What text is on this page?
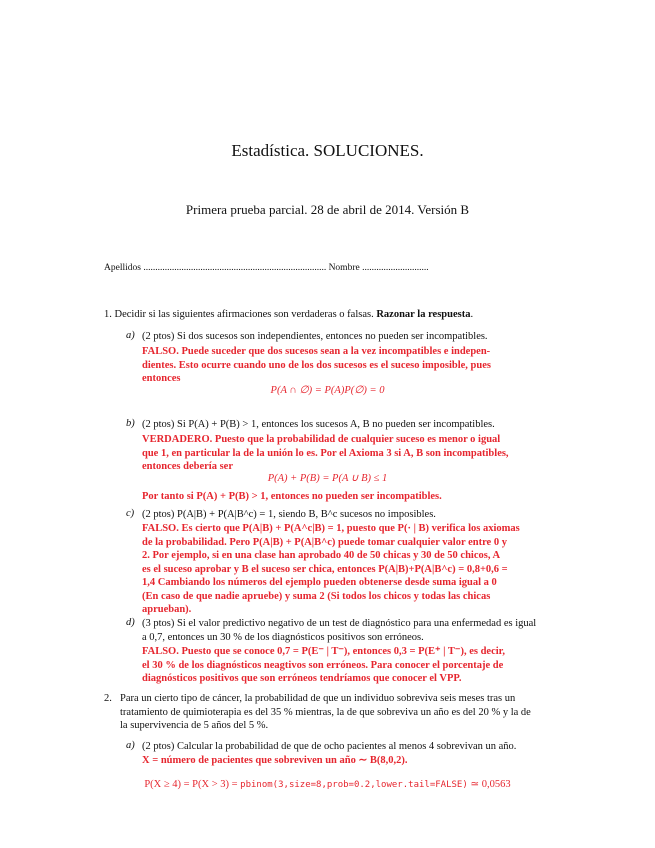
Estadística. SOLUCIONES.
Primera prueba parcial. 28 de abril de 2014. Versión B
Apellidos ............................................................................. Nombre ............................
1. Decidir si las siguientes afirmaciones son verdaderas o falsas. Razonar la respuesta.
a) (2 ptos) Si dos sucesos son independientes, entonces no pueden ser incompatibles.
FALSO. Puede suceder que dos sucesos sean a la vez incompatibles e indepen-
dientes. Esto ocurre cuando uno de los dos sucesos es el suceso imposible, pues
entonces
P(A ∩ ∅) = P(A)P(∅) = 0
b) (2 ptos) Si P(A) + P(B) > 1, entonces los sucesos A, B no pueden ser incompatibles.
VERDADERO. Puesto que la probabilidad de cualquier suceso es menor o igual
que 1, en particular la de la unión lo es. Por el Axioma 3 si A, B son incompatibles,
entonces debería ser
P(A) + P(B) = P(A ∪ B) ≤ 1
Por tanto si P(A) + P(B) > 1, entonces no pueden ser incompatibles.
c) (2 ptos) P(A|B) + P(A|B^c) = 1, siendo B, B^c sucesos no imposibles.
FALSO. Es cierto que P(A|B) + P(A^c|B) = 1, puesto que P(· | B) verifica los axiomas
de la probabilidad. Pero P(A|B) + P(A|B^c) puede tomar cualquier valor entre 0 y
2. Por ejemplo, si en una clase han aprobado 40 de 50 chicas y 30 de 50 chicos, A
es el suceso aprobar y B el suceso ser chica, entonces P(A|B)+P(A|B^c) = 0,8+0,6 =
1,4 Cambiando los números del ejemplo pueden obtenerse desde suma igual a 0
(En caso de que nadie apruebe) y suma 2 (Si todos los chicos y todas las chicas
aprueban).
d) (3 ptos) Si el valor predictivo negativo de un test de diagnóstico para una enfermedad es igual
a 0,7, entonces un 30 % de los diagnósticos positivos son erróneos.
FALSO. Puesto que se conoce 0,7 = P(E⁻ | T⁻), entonces 0,3 = P(E⁺ | T⁻), es decir,
el 30 % de los diagnósticos neagtivos son erróneos. Para conocer el porcentaje de
diagnósticos positivos que son erróneos tendríamos que conocer el VPP.
2. Para un cierto tipo de cáncer, la probabilidad de que un individuo sobreviva seis meses tras un
tratamiento de quimioterapia es del 35 % mientras, la de que sobreviva un año es del 20 % y la de
la supervivencia de 5 años del 5 %.
a) (2 ptos) Calcular la probabilidad de que de ocho pacientes al menos 4 sobrevivan un año.
X = número de pacientes que sobreviven un año ∼ B(8,0,2).
P(X ≥ 4) = P(X > 3) = pbinom(3,size=8,prob=0.2,lower.tail=FALSE) ≃ 0,0563
